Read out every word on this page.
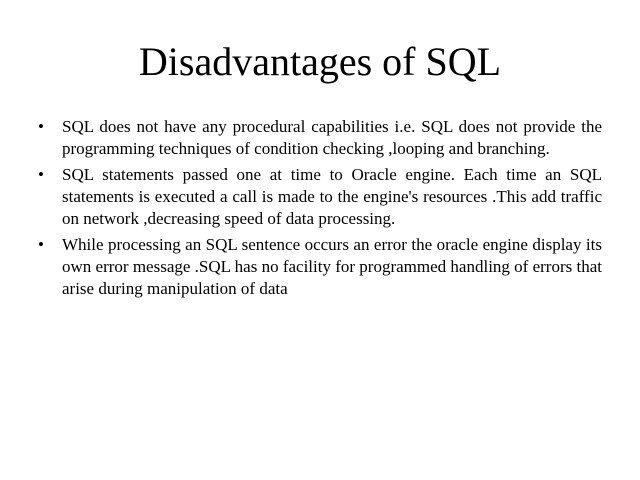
Disadvantages of SQL
•	SQL does not have any procedural capabilities i.e. SQL does not provide the programming techniques of condition checking ,looping and branching.
•	SQL statements passed one at time to Oracle engine. Each time an SQL statements is executed a call is made to the engine's resources .This add traffic on network ,decreasing speed of data processing.
•	While processing an SQL sentence occurs an error the oracle engine display its own error message .SQL has no facility for programmed handling of errors that arise during manipulation of data
